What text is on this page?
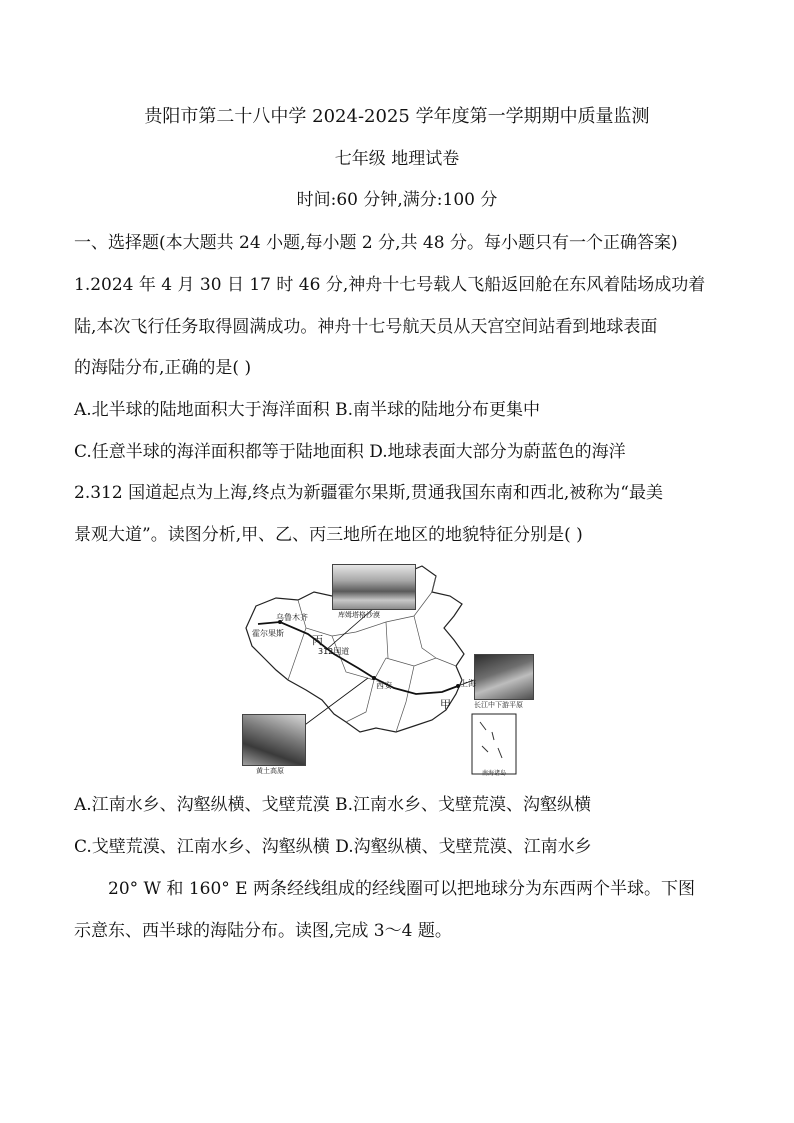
贵阳市第二十八中学 2024-2025 学年度第一学期期中质量监测
七年级 地理试卷
时间:60 分钟,满分:100 分
一、选择题(本大题共 24 小题,每小题 2 分,共 48 分。每小题只有一个正确答案)
1.2024 年 4 月 30 日 17 时 46 分,神舟十七号载人飞船返回舱在东风着陆场成功着
陆,本次飞行任务取得圆满成功。神舟十七号航天员从天宫空间站看到地球表面
的海陆分布,正确的是( )
A.北半球的陆地面积大于海洋面积 B.南半球的陆地分布更集中
C.任意半球的海洋面积都等于陆地面积 D.地球表面大部分为蔚蓝色的海洋
2.312 国道起点为上海,终点为新疆霍尔果斯,贯通我国东南和西北,被称为“最美
景观大道”。读图分析,甲、乙、丙三地所在地区的地貌特征分别是( )
库姆塔格沙漠
长江中下游平原
黄土高原
乌鲁木齐
霍尔果斯
丙
312国道
西安	上海
甲
南海诸岛
A.江南水乡、沟壑纵横、戈壁荒漠 B.江南水乡、戈壁荒漠、沟壑纵横
C.戈壁荒漠、江南水乡、沟壑纵横 D.沟壑纵横、戈壁荒漠、江南水乡
20° W 和 160° E 两条经线组成的经线圈可以把地球分为东西两个半球。下图
示意东、西半球的海陆分布。读图,完成 3～4 题。
